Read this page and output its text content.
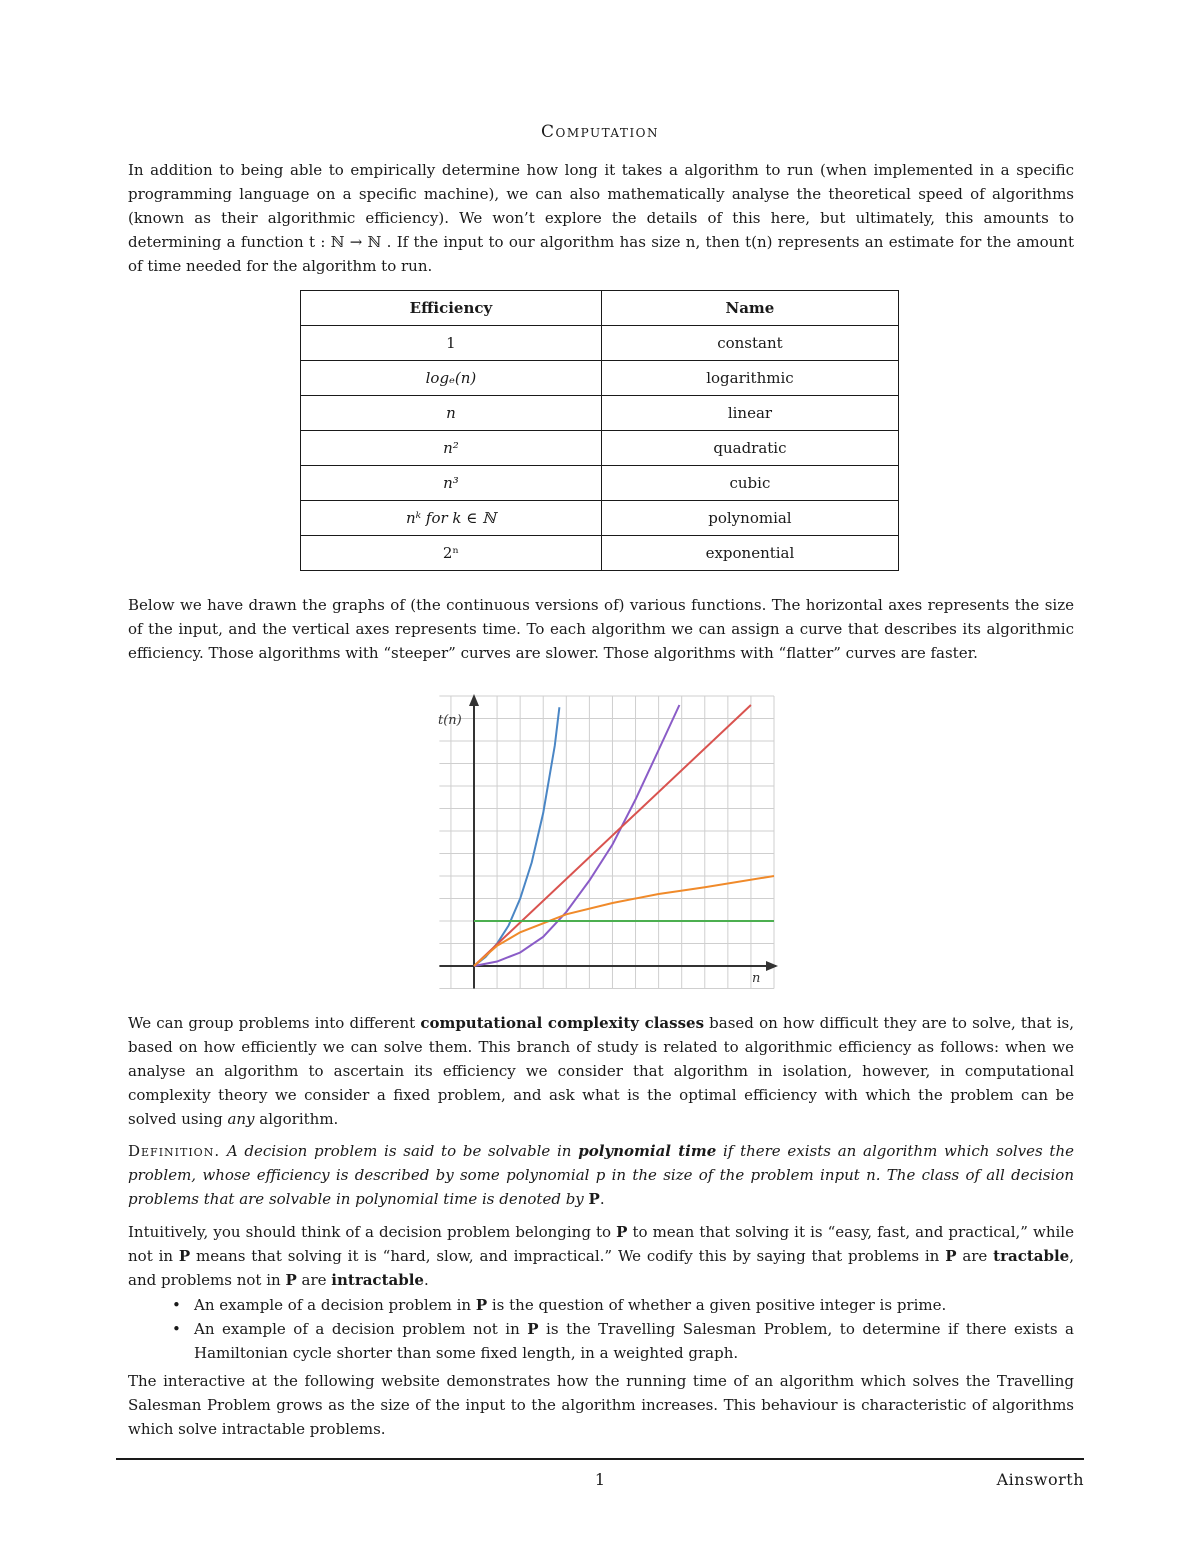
Computation
In addition to being able to empirically determine how long it takes a algorithm to run (when implemented in a specific programming language on a specific machine), we can also mathematically analyse the theoretical speed of algorithms (known as their algorithmic efficiency). We won’t explore the details of this here, but ultimately, this amounts to determining a function t : ℕ → ℕ . If the input to our algorithm has size n, then t(n) represents an estimate for the amount of time needed for the algorithm to run.
Efficiency	Name
1	constant
logₑ(n)	logarithmic
n	linear
n²	quadratic
n³	cubic
nᵏ for k ∈ ℕ	polynomial
2ⁿ	exponential
Below we have drawn the graphs of (the continuous versions of) various functions. The horizontal axes represents the size of the input, and the vertical axes represents time. To each algorithm we can assign a curve that describes its algorithmic efficiency. Those algorithms with “steeper” curves are slower. Those algorithms with “flatter” curves are faster.
t(n)
n
We can group problems into different computational complexity classes based on how difficult they are to solve, that is, based on how efficiently we can solve them. This branch of study is related to algorithmic efficiency as follows: when we analyse an algorithm to ascertain its efficiency we consider that algorithm in isolation, however, in computational complexity theory we consider a fixed problem, and ask what is the optimal efficiency with which the problem can be solved using any algorithm.
Definition. A decision problem is said to be solvable in polynomial time if there exists an algorithm which solves the problem, whose efficiency is described by some polynomial p in the size of the problem input n. The class of all decision problems that are solvable in polynomial time is denoted by P.
Intuitively, you should think of a decision problem belonging to P to mean that solving it is “easy, fast, and practical,” while not in P means that solving it is “hard, slow, and impractical.” We codify this by saying that problems in P are tractable, and problems not in P are intractable.
• An example of a decision problem in P is the question of whether a given positive integer is prime.
• An example of a decision problem not in P is the Travelling Salesman Problem, to determine if there exists a Hamiltonian cycle shorter than some fixed length, in a weighted graph.
The interactive at the following website demonstrates how the running time of an algorithm which solves the Travelling Salesman Problem grows as the size of the input to the algorithm increases. This behaviour is characteristic of algorithms which solve intractable problems.
1	Ainsworth
